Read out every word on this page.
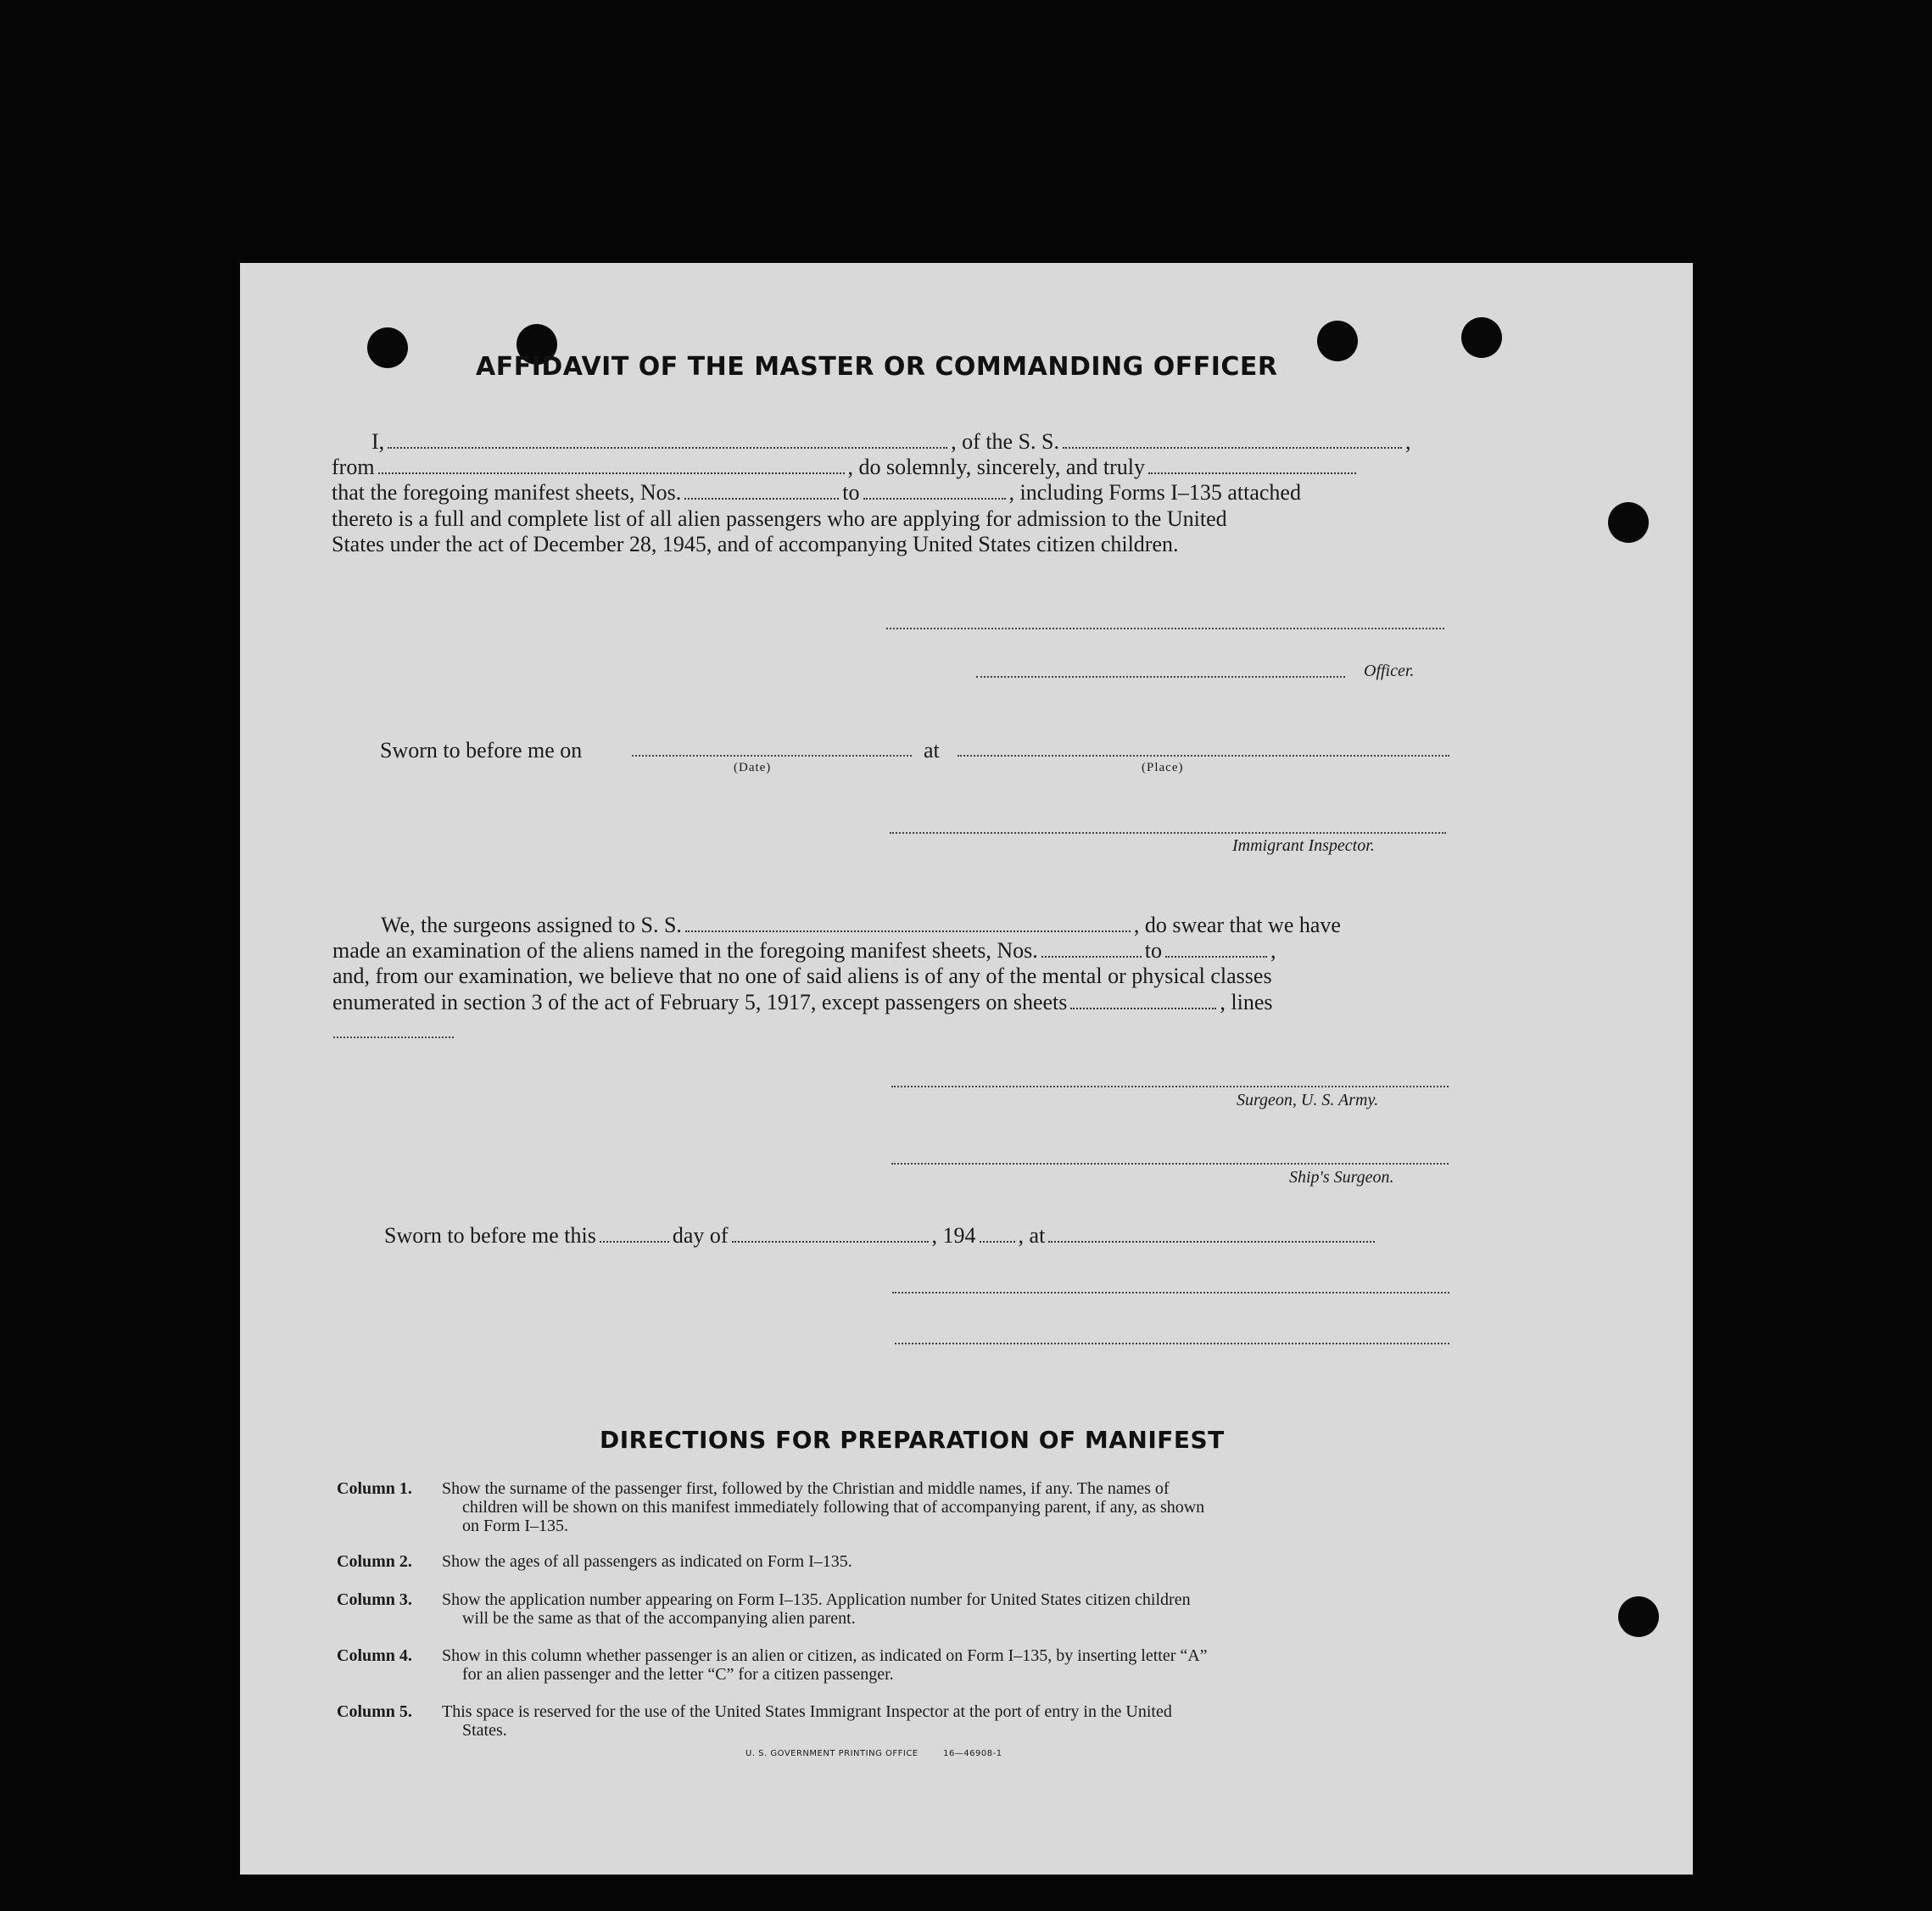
AFFIDAVIT OF THE MASTER OR COMMANDING OFFICER
I,	, of the S. S.	,
from	, do solemnly, sincerely, and truly
that the foregoing manifest sheets, Nos.	to	, including Forms I–135 attached
thereto is a full and complete list of all alien passengers who are applying for admission to the United
States under the act of December 28, 1945, and of accompanying United States citizen children.
Officer.
Sworn to before me on	at
(Date)	(Place)
Immigrant Inspector.
We, the surgeons assigned to S. S.	, do swear that we have
made an examination of the aliens named in the foregoing manifest sheets, Nos.	to	,
and, from our examination, we believe that no one of said aliens is of any of the mental or physical classes
enumerated in section 3 of the act of February 5, 1917, except passengers on sheets	, lines
Surgeon, U. S. Army.
Ship's Surgeon.
Sworn to before me this	day of	, 194 , at
DIRECTIONS FOR PREPARATION OF MANIFEST
Column 1.	Show the surname of the passenger first, followed by the Christian and middle names, if any. The names of
children will be shown on this manifest immediately following that of accompanying parent, if any, as shown
on Form I–135.
Column 2.	Show the ages of all passengers as indicated on Form I–135.
Column 3.	Show the application number appearing on Form I–135. Application number for United States citizen children
will be the same as that of the accompanying alien parent.
Column 4.	Show in this column whether passenger is an alien or citizen, as indicated on Form I–135, by inserting letter “A”
for an alien passenger and the letter “C” for a citizen passenger.
Column 5.	This space is reserved for the use of the United States Immigrant Inspector at the port of entry in the United
States.
U. S. GOVERNMENT PRINTING OFFICE	16—46908-1
